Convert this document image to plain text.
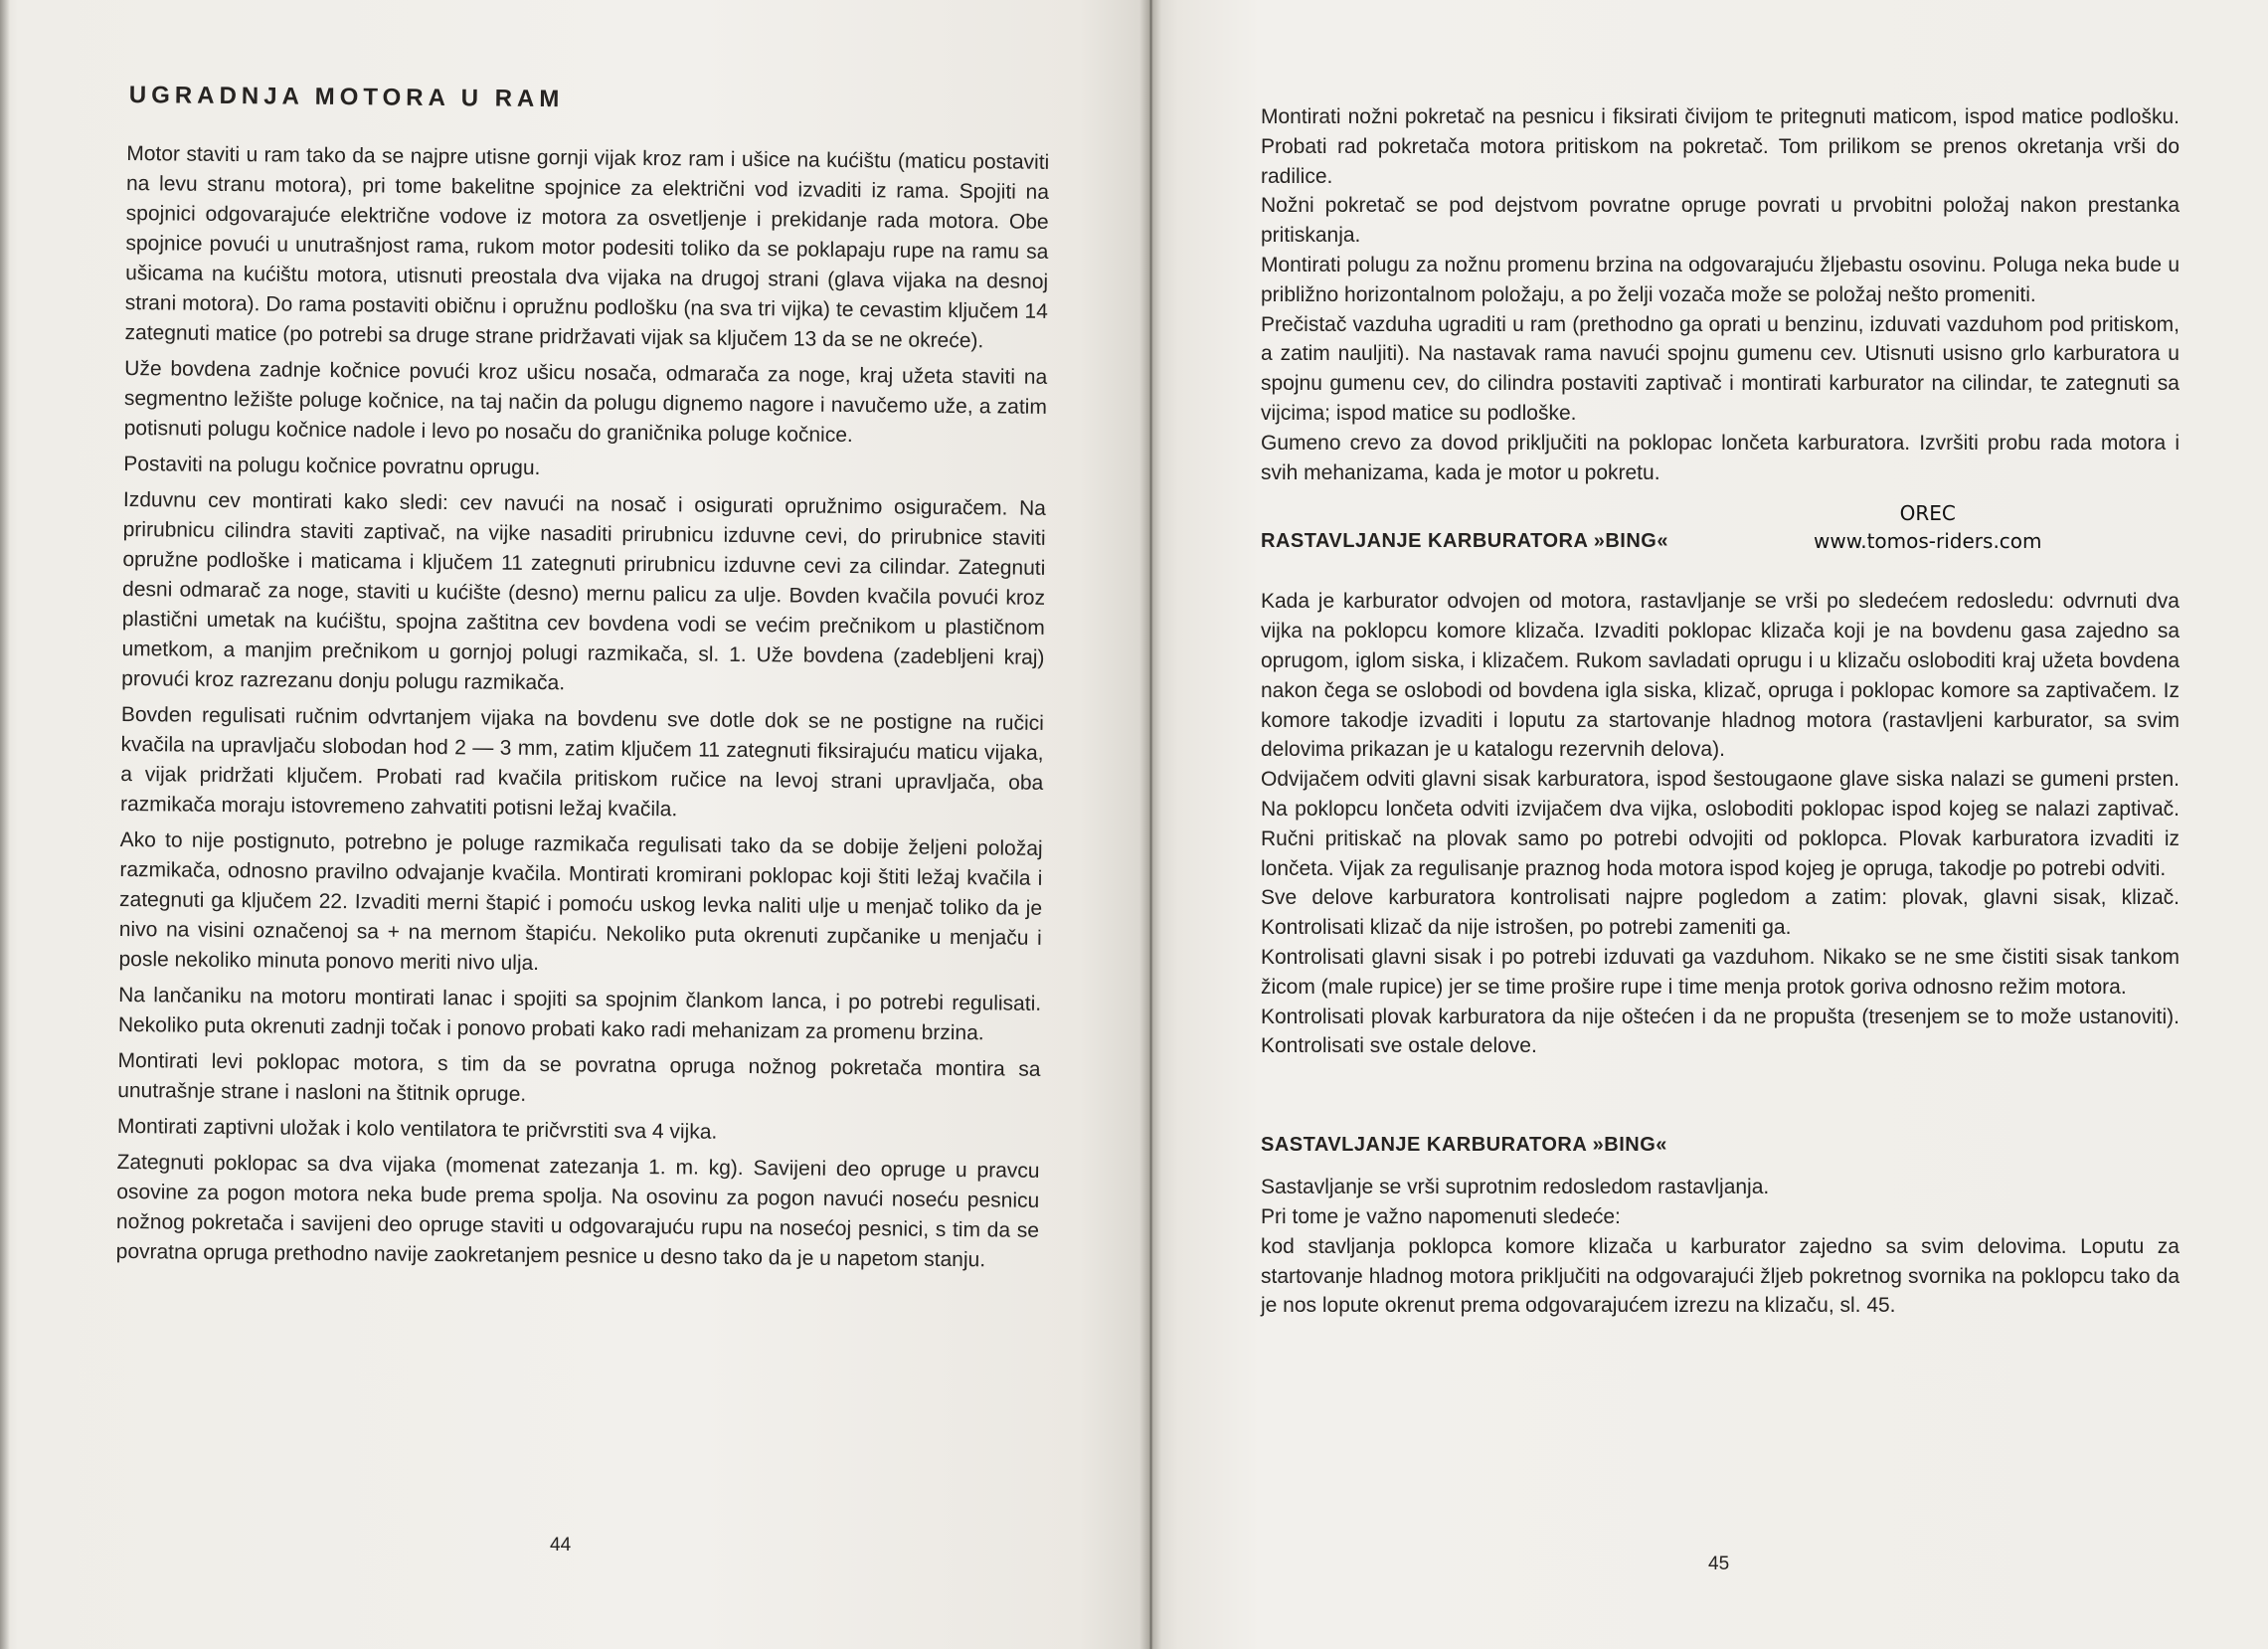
UGRADNJA MOTORA U RAM

Motor staviti u ram tako da se najpre utisne gornji vijak kroz ram i ušice na kućištu (maticu postaviti na levu stranu motora), pri tome bakelitne spojnice za električni vod izvaditi iz rama. Spojiti na spojnici odgovarajuće električne vodove iz motora za osvetljenje i prekidanje rada motora. Obe spojnice povući u unutrašnjost rama, rukom motor podesiti toliko da se poklapaju rupe na ramu sa ušicama na kućištu motora, utisnuti preostala dva vijaka na drugoj strani (glava vijaka na desnoj strani motora). Do rama postaviti običnu i opružnu podlošku (na sva tri vijka) te cevastim ključem 14 zategnuti matice (po potrebi sa druge strane pridržavati vijak sa ključem 13 da se ne okreće).

Uže bovdena zadnje kočnice povući kroz ušicu nosača, odmarača za noge, kraj užeta staviti na segmentno ležište poluge kočnice, na taj način da polugu dignemo nagore i navučemo uže, a zatim potisnuti polugu kočnice nadole i levo po nosaču do graničnika poluge kočnice.

Postaviti na polugu kočnice povratnu oprugu.

Izduvnu cev montirati kako sledi: cev navući na nosač i osigurati opružnimo osiguračem. Na prirubnicu cilindra staviti zaptivač, na vijke nasaditi prirubnicu izduvne cevi, do prirubnice staviti opružne podloške i maticama i ključem 11 zategnuti prirubnicu izduvne cevi za cilindar. Zategnuti desni odmarač za noge, staviti u kućište (desno) mernu palicu za ulje. Bovden kvačila povući kroz plastični umetak na kućištu, spojna zaštitna cev bovdena vodi se većim prečnikom u plastičnom umetkom, a manjim prečnikom u gornjoj polugi razmikača, sl. 1. Uže bovdena (zadebljeni kraj) provući kroz razrezanu donju polugu razmikača.

Bovden regulisati ručnim odvrtanjem vijaka na bovdenu sve dotle dok se ne postigne na ručici kvačila na upravljaču slobodan hod 2 — 3 mm, zatim ključem 11 zategnuti fiksirajuću maticu vijaka, a vijak pridržati ključem. Probati rad kvačila pritiskom ručice na levoj strani upravljača, oba razmikača moraju istovremeno zahvatiti potisni ležaj kvačila.

Ako to nije postignuto, potrebno je poluge razmikača regulisati tako da se dobije željeni položaj razmikača, odnosno pravilno odvajanje kvačila. Montirati kromirani poklopac koji štiti ležaj kvačila i zategnuti ga ključem 22. Izvaditi merni štapić i pomoću uskog levka naliti ulje u menjač toliko da je nivo na visini označenoj sa + na mernom štapiću. Nekoliko puta okrenuti zupčanike u menjaču i posle nekoliko minuta ponovo meriti nivo ulja.

Na lančaniku na motoru montirati lanac i spojiti sa spojnim člankom lanca, i po potrebi regulisati. Nekoliko puta okrenuti zadnji točak i ponovo probati kako radi mehanizam za promenu brzina.

Montirati levi poklopac motora, s tim da se povratna opruga nožnog pokretača montira sa unutrašnje strane i nasloni na štitnik opruge.

Montirati zaptivni uložak i kolo ventilatora te pričvrstiti sva 4 vijka.

Zategnuti poklopac sa dva vijaka (momenat zatezanja 1. m. kg). Savijeni deo opruge u pravcu osovine za pogon motora neka bude prema spolja. Na osovinu za pogon navući noseću pesnicu nožnog pokretača i savijeni deo opruge staviti u odgovarajuću rupu na nosećoj pesnici, s tim da se povratna opruga prethodno navije zaokretanjem pesnice u desno tako da je u napetom stanju.

44
45

Montirati nožni pokretač na pesnicu i fiksirati čivijom te pritegnuti maticom, ispod matice podlošku. Probati rad pokretača motora pritiskom na pokretač. Tom prilikom se prenos okretanja vrši do radilice.

Nožni pokretač se pod dejstvom povratne opruge povrati u prvobitni položaj nakon prestanka pritiskanja.

Montirati polugu za nožnu promenu brzina na odgovarajuću žljebastu osovinu. Poluga neka bude u približno horizontalnom položaju, a po želji vozača može se položaj nešto promeniti.

Prečistač vazduha ugraditi u ram (prethodno ga oprati u benzinu, izduvati vazduhom pod pritiskom, a zatim nauljiti). Na nastavak rama navući spojnu gumenu cev. Utisnuti usisno grlo karburatora u spojnu gumenu cev, do cilindra postaviti zaptivač i montirati karburator na cilindar, te zategnuti sa vijcima; ispod matice su podloške.

Gumeno crevo za dovod priključiti na poklopac lončeta karburatora. Izvršiti probu rada motora i svih mehanizama, kada je motor u pokretu.

RASTAVLJANJE KARBURATORA »BING«
OREC
www.tomos-riders.com

Kada je karburator odvojen od motora, rastavljanje se vrši po sledećem redosledu: odvrnuti dva vijka na poklopcu komore klizača. Izvaditi poklopac klizača koji je na bovdenu gasa zajedno sa oprugom, iglom siska, i klizačem. Rukom savladati oprugu i u klizaču osloboditi kraj užeta bovdena nakon čega se oslobodi od bovdena igla siska, klizač, opruga i poklopac komore sa zaptivačem. Iz komore takodje izvaditi i loputu za startovanje hladnog motora (rastavljeni karburator, sa svim delovima prikazan je u katalogu rezervnih delova).

Odvijačem odviti glavni sisak karburatora, ispod šestougaone glave siska nalazi se gumeni prsten. Na poklopcu lončeta odviti izvijačem dva vijka, osloboditi poklopac ispod kojeg se nalazi zaptivač. Ručni pritiskač na plovak samo po potrebi odvojiti od poklopca. Plovak karburatora izvaditi iz lončeta. Vijak za regulisanje praznog hoda motora ispod kojeg je opruga, takodje po potrebi odviti.

Sve delove karburatora kontrolisati najpre pogledom a zatim: plovak, glavni sisak, klizač. Kontrolisati klizač da nije istrošen, po potrebi zameniti ga.

Kontrolisati glavni sisak i po potrebi izduvati ga vazduhom. Nikako se ne sme čistiti sisak tankom žicom (male rupice) jer se time prošire rupe i time menja protok goriva odnosno režim motora.

Kontrolisati plovak karburatora da nije oštećen i da ne propušta (tresenjem se to može ustanoviti). Kontrolisati sve ostale delove.

SASTAVLJANJE KARBURATORA »BING«

Sastavljanje se vrši suprotnim redosledom rastavljanja.

Pri tome je važno napomenuti sledeće:

kod stavljanja poklopca komore klizača u karburator zajedno sa svim delovima. Loputu za startovanje hladnog motora priključiti na odgovarajući žljeb pokretnog svornika na poklopcu tako da je nos lopute okrenut prema odgovarajućem izrezu na klizaču, sl. 45.
